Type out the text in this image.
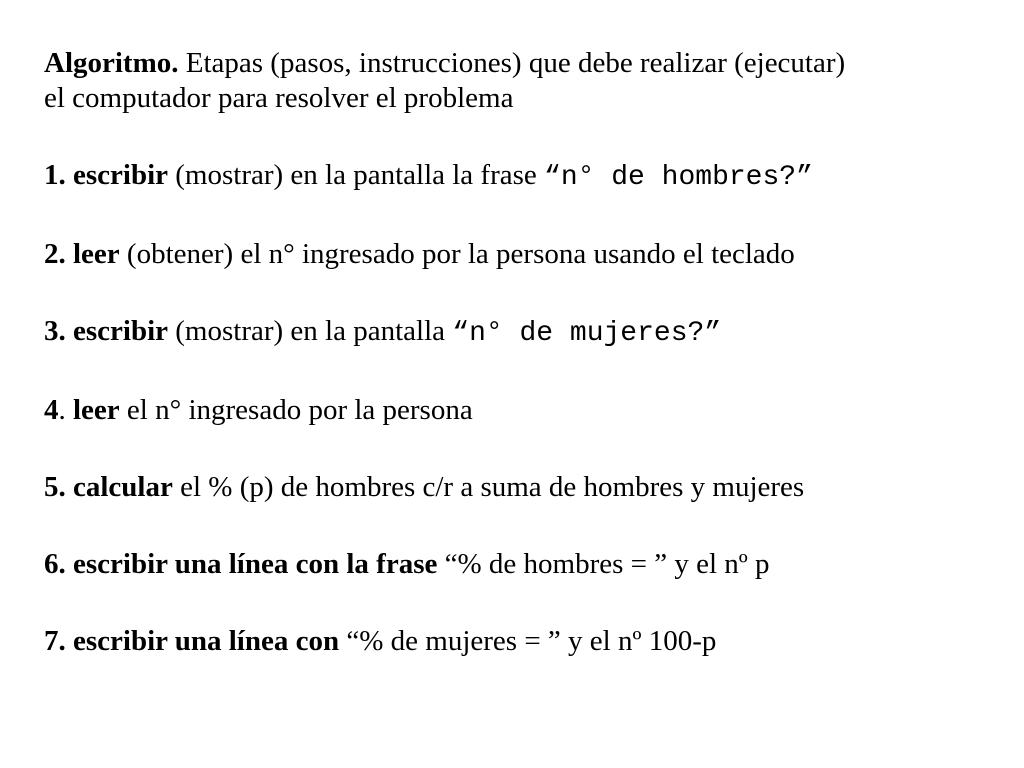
Algoritmo. Etapas (pasos, instrucciones) que debe realizar (ejecutar)
el computador para resolver el problema
1. escribir (mostrar) en la pantalla la frase “n° de hombres?”
2. leer (obtener) el n° ingresado por la persona usando el teclado
3. escribir (mostrar) en la pantalla “n° de mujeres?”
4. leer el n° ingresado por la persona
5. calcular el % (p) de hombres c/r a suma de hombres y mujeres
6. escribir una línea con la frase “% de hombres = ” y el nº p
7. escribir una línea con “% de mujeres = ” y el nº 100-p
